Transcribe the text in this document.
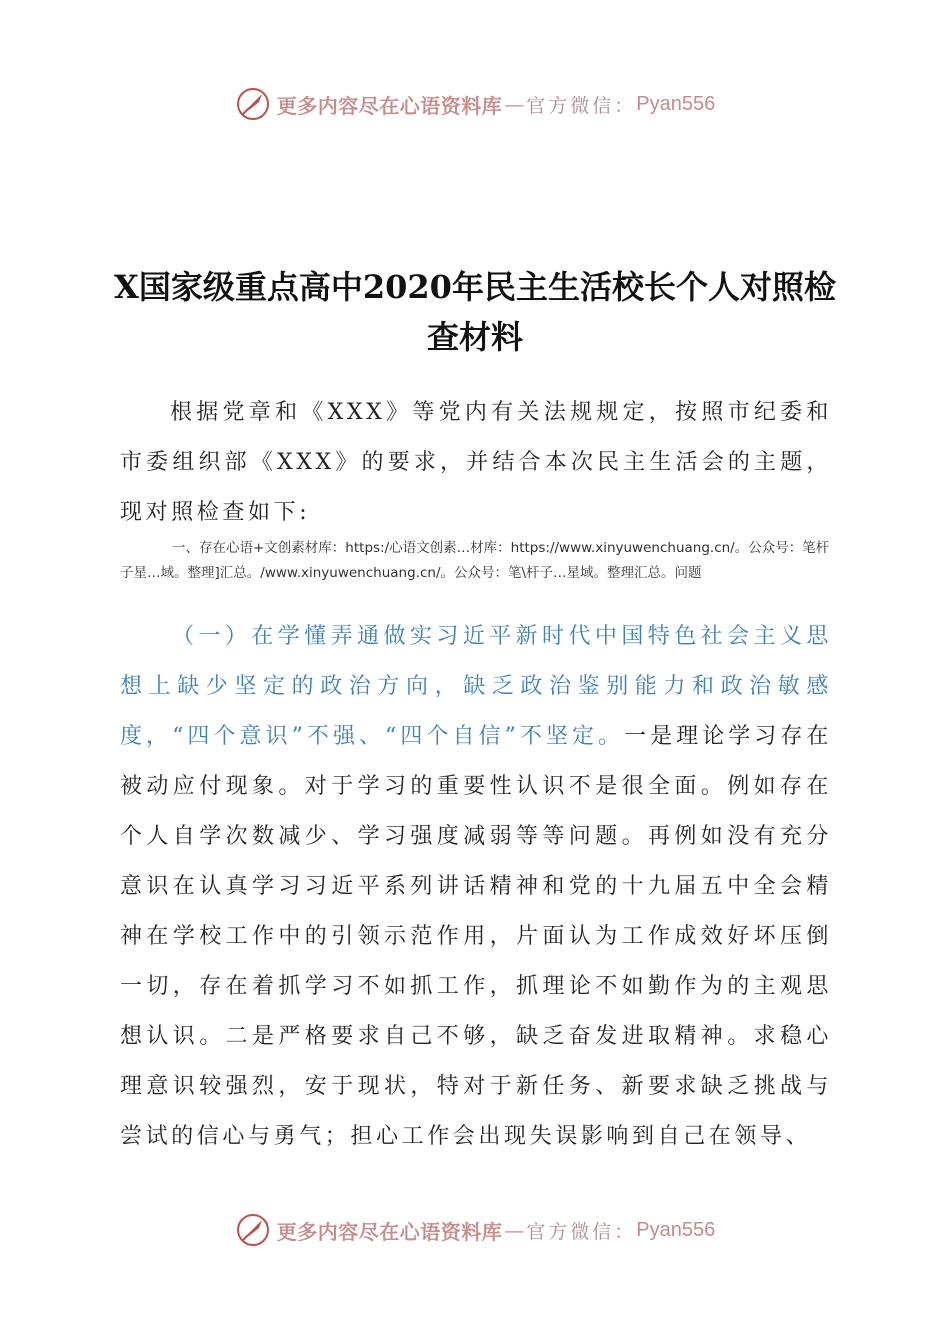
更多内容尽在心语资料库 — 官方微信： Pyan556
X国家级重点高中2020年民主生活校长个人对照检查材料
根据党章和《XXX》等党内有关法规规定，按照市纪委和市委组织部《XXX》的要求，并结合本次民主生活会的主题，现对照检查如下:
一、存在心语+文创素材库：https:/心语文创素…材库：https://www.xinyuwenchuang.cn/。公众号：笔杆子星…域。整理]汇总。/www.xinyuwenchuang.cn/。公众号：笔\杆子…星域。整理汇总。问题
（一）在学懂弄通做实习近平新时代中国特色社会主义思想上缺少坚定的政治方向，缺乏政治鉴别能力和政治敏感度，“四个意识”不强、“四个自信”不坚定。一是理论学习存在被动应付现象。对于学习的重要性认识不是很全面。例如存在个人自学次数减少、学习强度减弱等等问题。再例如没有充分意识在认真学习习近平系列讲话精神和党的十九届五中全会精神在学校工作中的引领示范作用，片面认为工作成效好坏压倒一切，存在着抓学习不如抓工作，抓理论不如勤作为的主观思想认识。二是严格要求自己不够，缺乏奋发进取精神。求稳心理意识较强烈，安于现状，特对于新任务、新要求缺乏挑战与尝试的信心与勇气；担心工作会出现失误影响到自己在领导、
更多内容尽在心语资料库 — 官方微信： Pyan556
